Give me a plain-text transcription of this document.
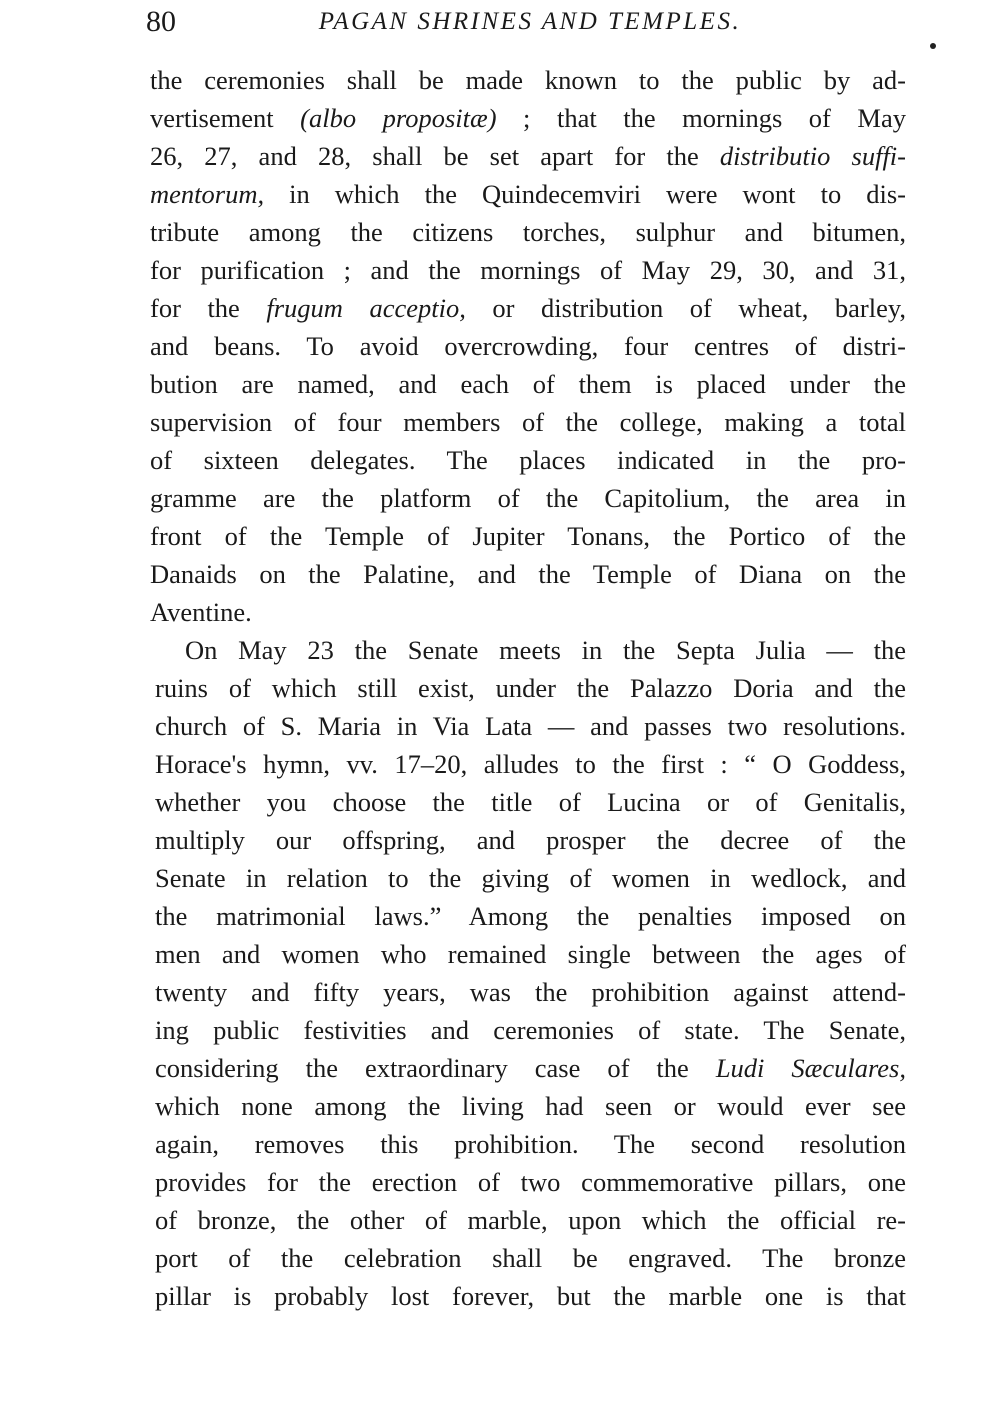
80	PAGAN SHRINES AND TEMPLES.
the ceremonies shall be made known to the public by ad-
vertisement (albo propositæ) ; that the mornings of May
26, 27, and 28, shall be set apart for the distributio suffi-
mentorum, in which the Quindecemviri were wont to dis-
tribute among the citizens torches, sulphur and bitumen,
for purification ; and the mornings of May 29, 30, and 31,
for the frugum acceptio, or distribution of wheat, barley,
and beans. To avoid overcrowding, four centres of distri-
bution are named, and each of them is placed under the
supervision of four members of the college, making a total
of sixteen delegates. The places indicated in the pro-
gramme are the platform of the Capitolium, the area in
front of the Temple of Jupiter Tonans, the Portico of the
Danaids on the Palatine, and the Temple of Diana on the
Aventine.
On May 23 the Senate meets in the Septa Julia — the
ruins of which still exist, under the Palazzo Doria and the
church of S. Maria in Via Lata — and passes two resolutions.
Horace's hymn, vv. 17–20, alludes to the first : “ O Goddess,
whether you choose the title of Lucina or of Genitalis,
multiply our offspring, and prosper the decree of the
Senate in relation to the giving of women in wedlock, and
the matrimonial laws.” Among the penalties imposed on
men and women who remained single between the ages of
twenty and fifty years, was the prohibition against attend-
ing public festivities and ceremonies of state. The Senate,
considering the extraordinary case of the Ludi Sæculares,
which none among the living had seen or would ever see
again, removes this prohibition. The second resolution
provides for the erection of two commemorative pillars, one
of bronze, the other of marble, upon which the official re-
port of the celebration shall be engraved. The bronze
pillar is probably lost forever, but the marble one is that
